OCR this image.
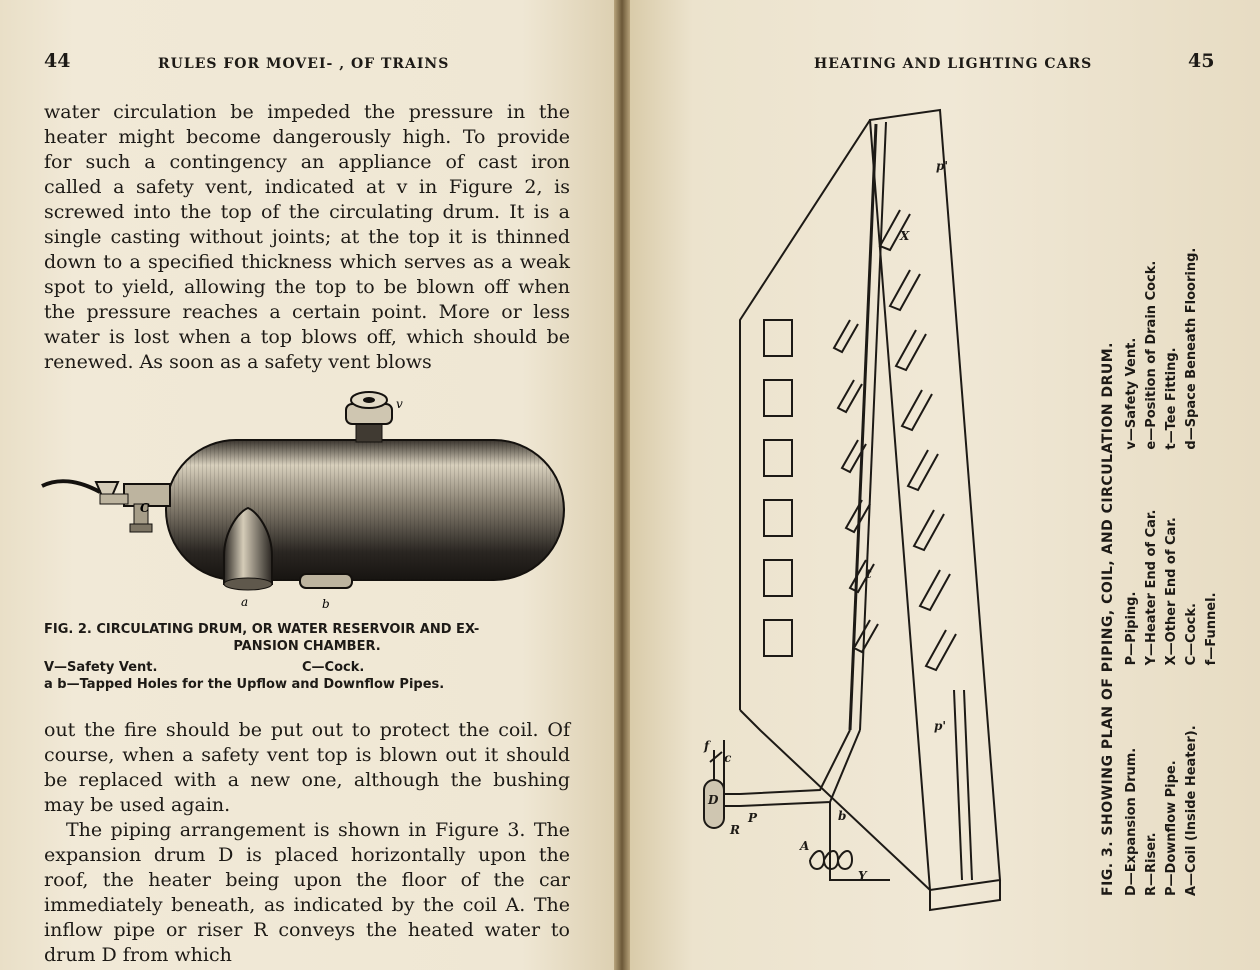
44	RULES FOR MOVEI- , OF TRAINS

water circulation be impeded the pressure in the heater might become dangerously high. To provide for such a contingency an appliance of cast iron called a safety vent, indicated at v in Figure 2, is screwed into the top of the circulating drum. It is a single casting without joints; at the top it is thinned down to a specified thickness which serves as a weak spot to yield, allowing the top to be blown off when the pressure reaches a certain point. More or less water is lost when a top blows off, which should be renewed. As soon as a safety vent blows

v
C
a	b
FIG. 2. CIRCULATING DRUM, OR WATER RESERVOIR AND EX-
PANSION CHAMBER.
V—Safety Vent.	C—Cock.
a b—Tapped Holes for the Upflow and Downflow Pipes.

out the fire should be put out to protect the coil. Of course, when a safety vent top is blown out it should be replaced with a new one, although the bushing may be used again.

The piping arrangement is shown in Figure 3. The expansion drum D is placed horizontally upon the roof, the heater being upon the floor of the car immediately beneath, as indicated by the coil A. The inflow pipe or riser R conveys the heated water to drum D from which

HEATING AND LIGHTING CARS	45
f
c
D
R
P
A
X
Y
p'
p'
b
t	FIG. 3. SHOWING PLAN OF PIPING, COIL, AND CIRCULATION DRUM. D—Expansion Drum. R—Riser. P—Downflow Pipe. A—Coil (Inside Heater).
P—Piping. Y—Heater End of Car. X—Other End of Car. C—Cock. f—Funnel.
v—Safety Vent. e—Position of Drain Cock. t—Tee Fitting. d—Space Beneath Flooring.
